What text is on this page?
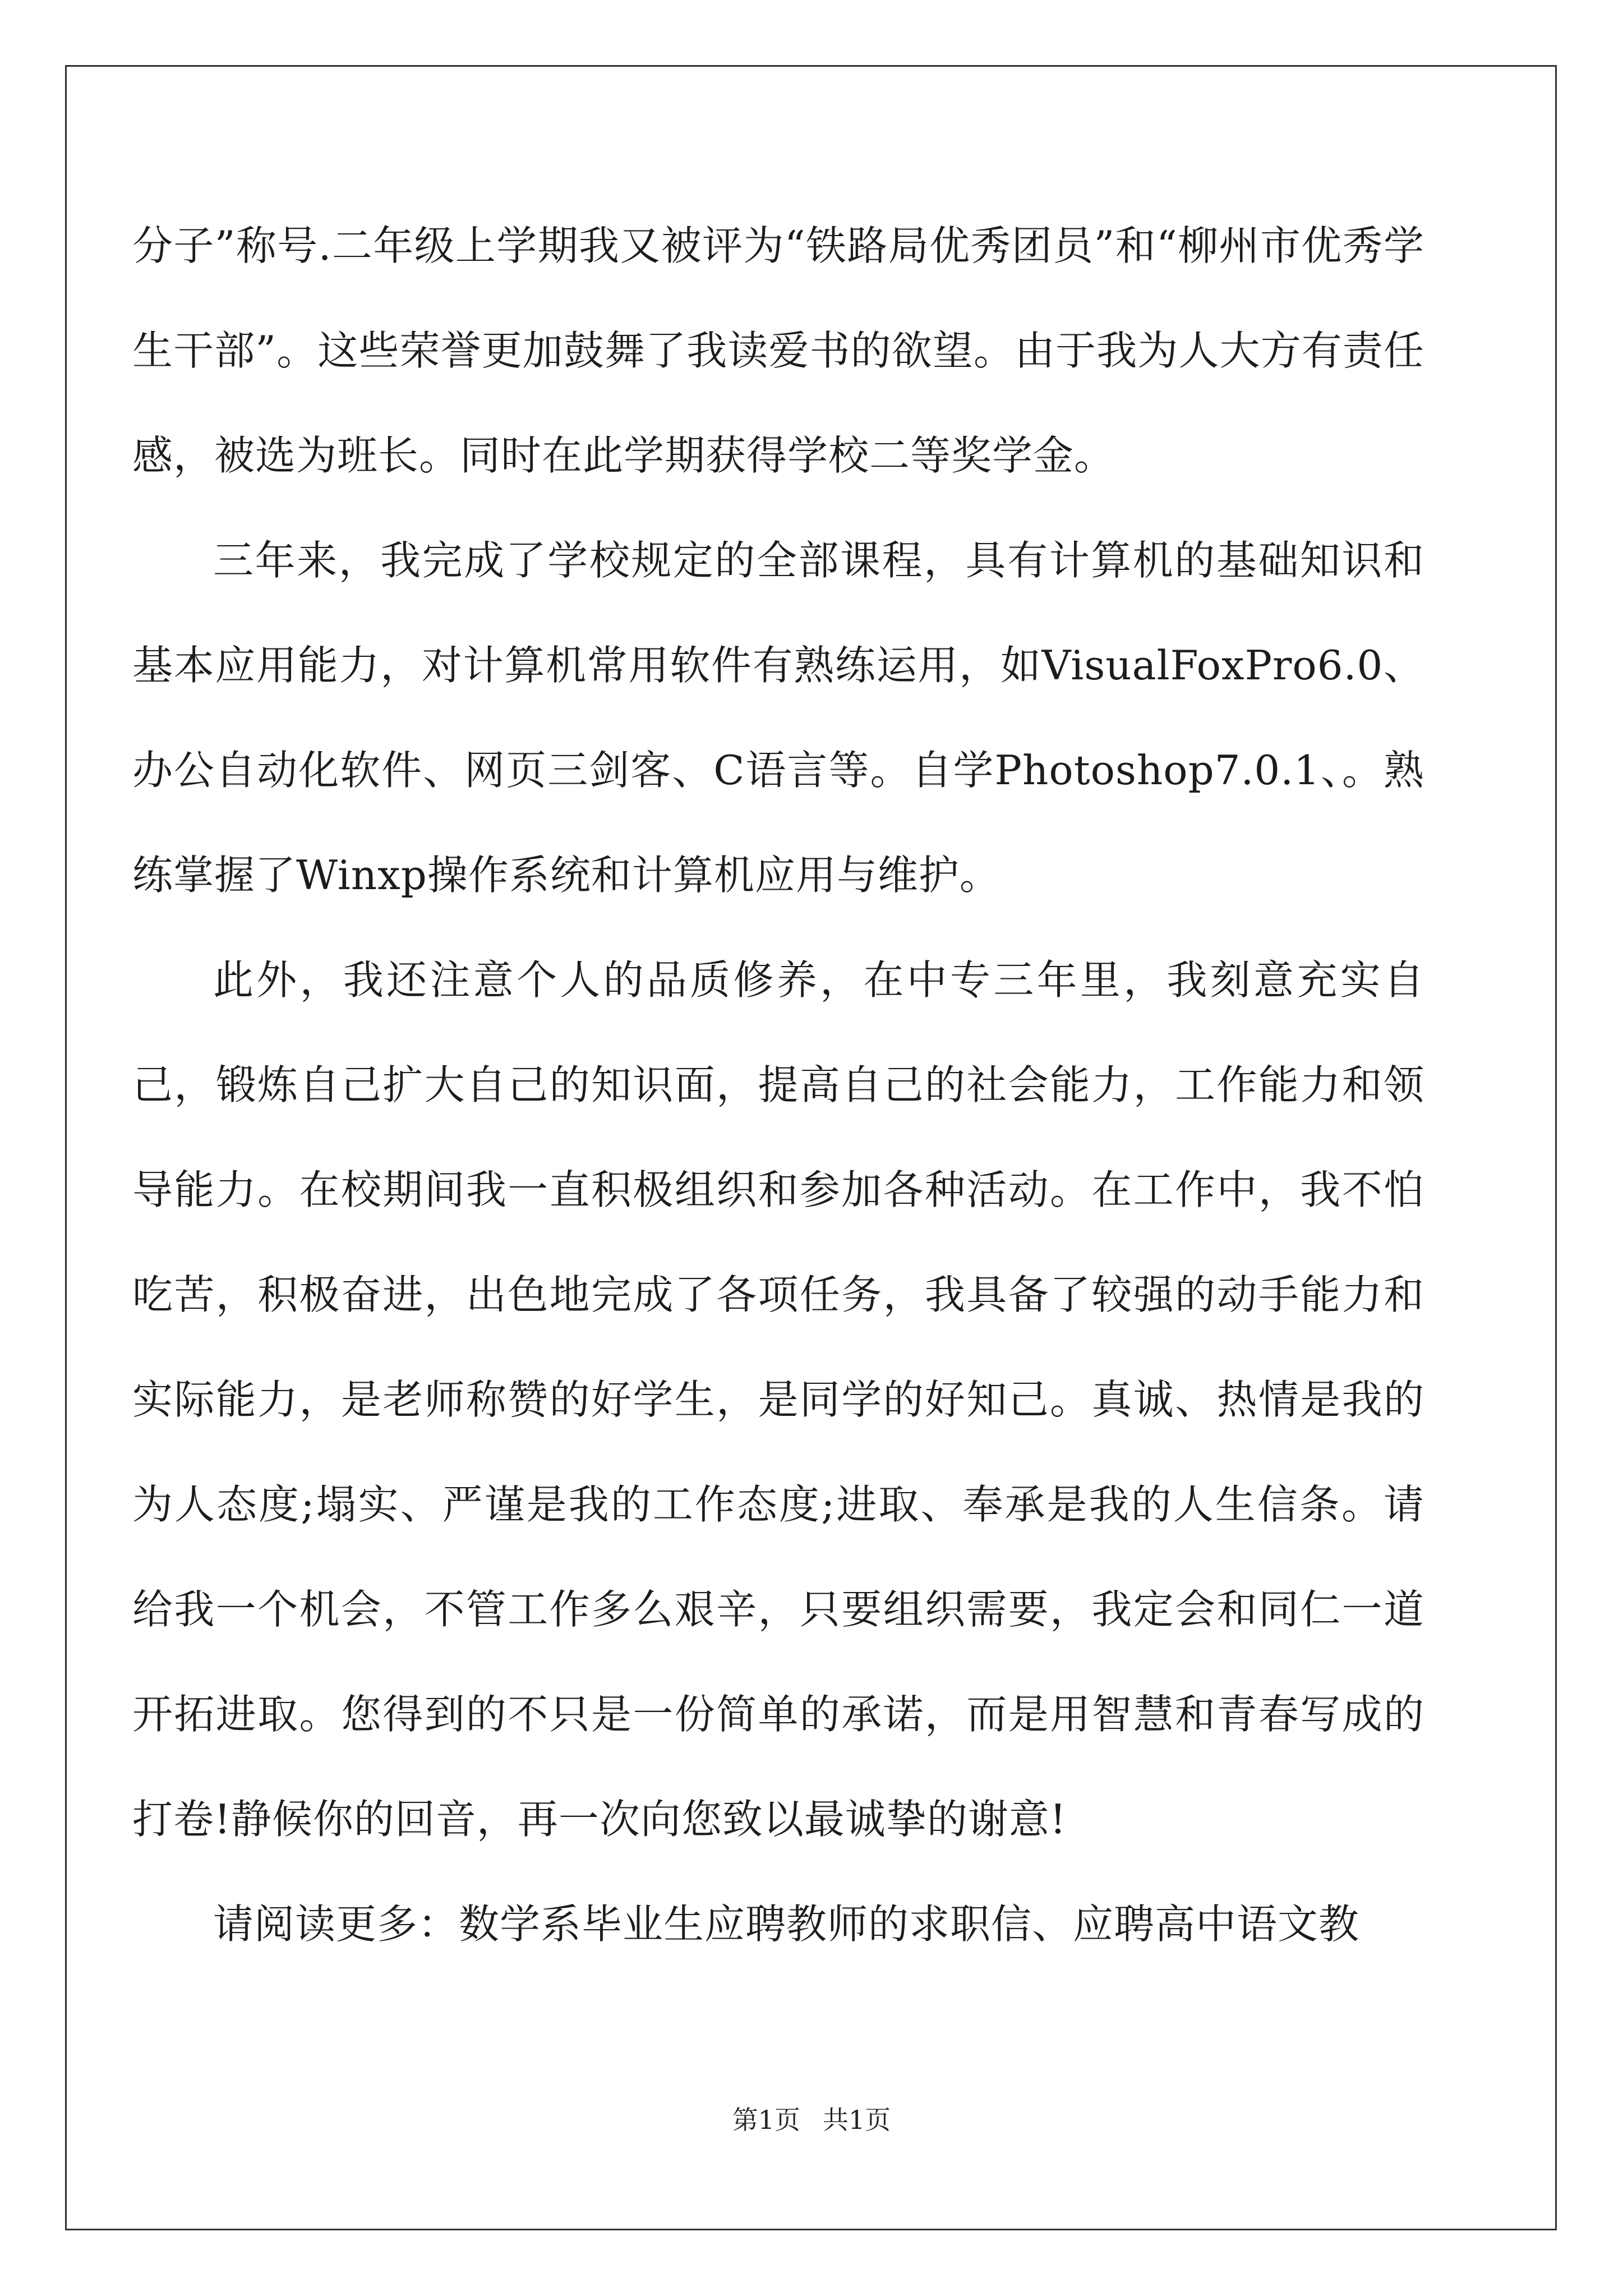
分子”称号.二年级上学期我又被评为“铁路局优秀团员”和“柳州市优秀学生干部”。这些荣誉更加鼓舞了我读爱书的欲望。由于我为人大方有责任感，被选为班长。同时在此学期获得学校二等奖学金。

三年来，我完成了学校规定的全部课程，具有计算机的基础知识和基本应用能力，对计算机常用软件有熟练运用，如VisualFoxPro6.0、办公自动化软件、网页三剑客、C语言等。自学Photoshop7.0.1、。熟练掌握了Winxp操作系统和计算机应用与维护。

此外，我还注意个人的品质修养，在中专三年里，我刻意充实自己，锻炼自己扩大自己的知识面，提高自己的社会能力，工作能力和领导能力。在校期间我一直积极组织和参加各种活动。在工作中，我不怕吃苦，积极奋进，出色地完成了各项任务，我具备了较强的动手能力和实际能力，是老师称赞的好学生，是同学的好知己。真诚、热情是我的为人态度;塌实、严谨是我的工作态度;进取、奉承是我的人生信条。请给我一个机会，不管工作多么艰辛，只要组织需要，我定会和同仁一道开拓进取。您得到的不只是一份简单的承诺，而是用智慧和青春写成的打卷!静候你的回音，再一次向您致以最诚挚的谢意!

请阅读更多：数学系毕业生应聘教师的求职信、应聘高中语文教

第1页 共1页
